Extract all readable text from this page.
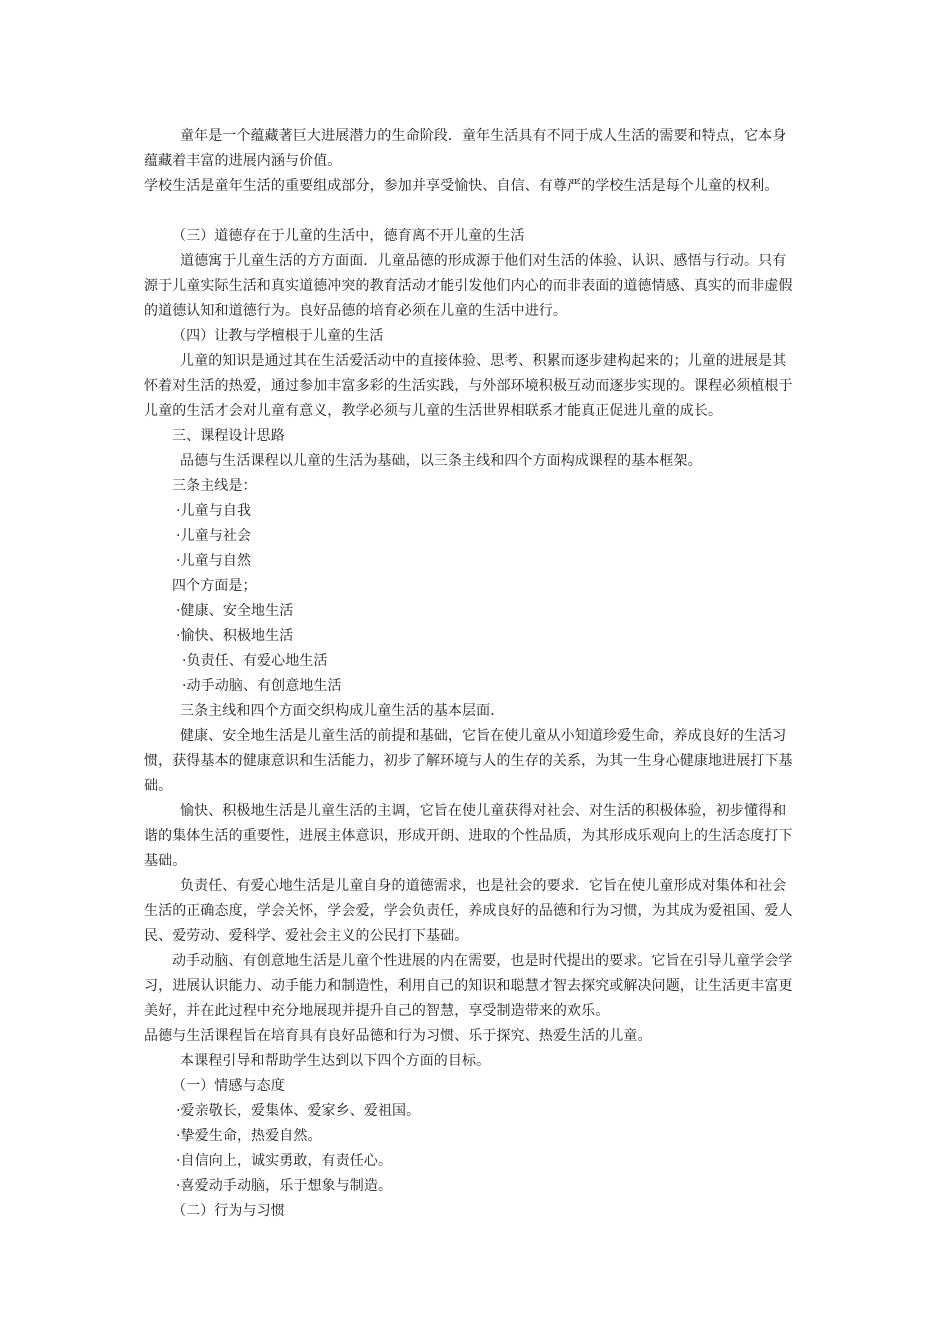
童年是一个蕴藏著巨大进展潜力的生命阶段．童年生活具有不同于成人生活的需要和特点，它本身
蕴藏着丰富的进展内涵与价值。
学校生活是童年生活的重要组成部分，参加并享受愉快、自信、有尊严的学校生活是每个儿童的权利。
（三）道德存在于儿童的生活中，德育离不开儿童的生活
道德寓于儿童生活的方方面面．儿童品德的形成源于他们对生活的体验、认识、感悟与行动。只有
源于儿童实际生活和真实道德冲突的教育活动才能引发他们内心的而非表面的道德情感、真实的而非虚假
的道德认知和道德行为。良好品德的培育必须在儿童的生活中进行。
（四）让教与学檀根于儿童的生活
儿童的知识是通过其在生活爱活动中的直接体验、思考、积累而逐步建构起来的；儿童的进展是其
怀着对生活的热爱，通过参加丰富多彩的生活实践，与外部环境积极互动而逐步实现的。课程必须植根于
儿童的生活才会对儿童有意义，教学必须与儿童的生活世界相联系才能真正促进儿童的成长。
三、课程设计思路
品德与生活课程以儿童的生活为基础，以三条主线和四个方面构成课程的基本框架。
三条主线是：
·儿童与自我
·儿童与社会
·儿童与自然
四个方面是；
·健康、安全地生活
·愉快、积极地生活
·负责任、有爱心地生活
·动手动脑、有创意地生活
三条主线和四个方面交织构成儿童生活的基本层面．
健康、安全地生活是儿童生活的前提和基础，它旨在使儿童从小知道珍爱生命，养成良好的生活习
惯，获得基本的健康意识和生活能力，初步了解环境与人的生存的关系，为其一生身心健康地进展打下基
础。
愉快、积极地生活是儿童生活的主调，它旨在使儿童获得对社会、对生活的积极体验，初步懂得和
谐的集体生活的重要性，进展主体意识，形成开朗、进取的个性品质，为其形成乐观向上的生活态度打下
基础。
负责任、有爱心地生活是儿童自身的道德需求，也是社会的要求．它旨在使儿童形成对集体和社会
生活的正确态度，学会关怀，学会爱，学会负责任，养成良好的品德和行为习惯，为其成为爱祖国、爱人
民、爱劳动、爱科学、爱社会主义的公民打下基础。
动手动脑、有创意地生活是儿童个性进展的内在需要，也是时代提出的要求。它旨在引导儿童学会学
习，进展认识能力、动手能力和制造性，利用自己的知识和聪慧才智去探究或解决问题，让生活更丰富更
美好，并在此过程中充分地展现并提升自己的智慧，享受制造带来的欢乐。
品德与生活课程旨在培育具有良好品德和行为习惯、乐于探究、热爱生活的儿童。
本课程引导和帮助学生达到以下四个方面的目标。
（一）情感与态度
·爱亲敬长，爱集体、爱家乡、爱祖国。
·挚爱生命，热爱自然。
·自信向上，诚实勇敢，有责任心。
·喜爱动手动脑，乐于想象与制造。
（二）行为与习惯
